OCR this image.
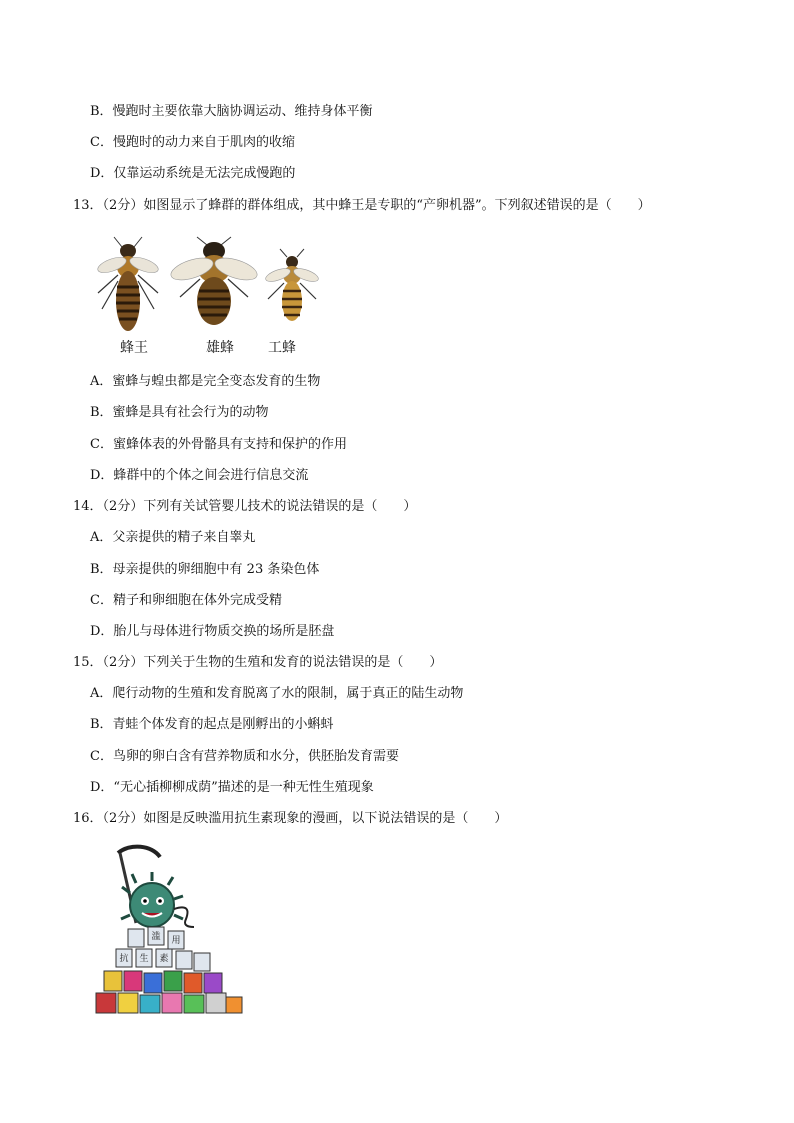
B．慢跑时主要依靠大脑协调运动、维持身体平衡
C．慢跑时的动力来自于肌肉的收缩
D．仅靠运动系统是无法完成慢跑的
13．（2分）如图显示了蜂群的群体组成，其中蜂王是专职的“产卵机器”。下列叙述错误的是（　　）
蜂王	雄蜂 工蜂
A．蜜蜂与蝗虫都是完全变态发育的生物
B．蜜蜂是具有社会行为的动物
C．蜜蜂体表的外骨骼具有支持和保护的作用
D．蜂群中的个体之间会进行信息交流
14．（2分）下列有关试管婴儿技术的说法错误的是（　　）
A．父亲提供的精子来自睾丸
B．母亲提供的卵细胞中有 23 条染色体
C．精子和卵细胞在体外完成受精
D．胎儿与母体进行物质交换的场所是胚盘
15．（2分）下列关于生物的生殖和发育的说法错误的是（　　）
A．爬行动物的生殖和发育脱离了水的限制，属于真正的陆生动物
B．青蛙个体发育的起点是刚孵出的小蝌蚪
C．鸟卵的卵白含有营养物质和水分，供胚胎发育需要
D．“无心插柳柳成荫”描述的是一种无性生殖现象
16．（2分）如图是反映滥用抗生素现象的漫画，以下说法错误的是（　　）
滥 用
抗 生 素
